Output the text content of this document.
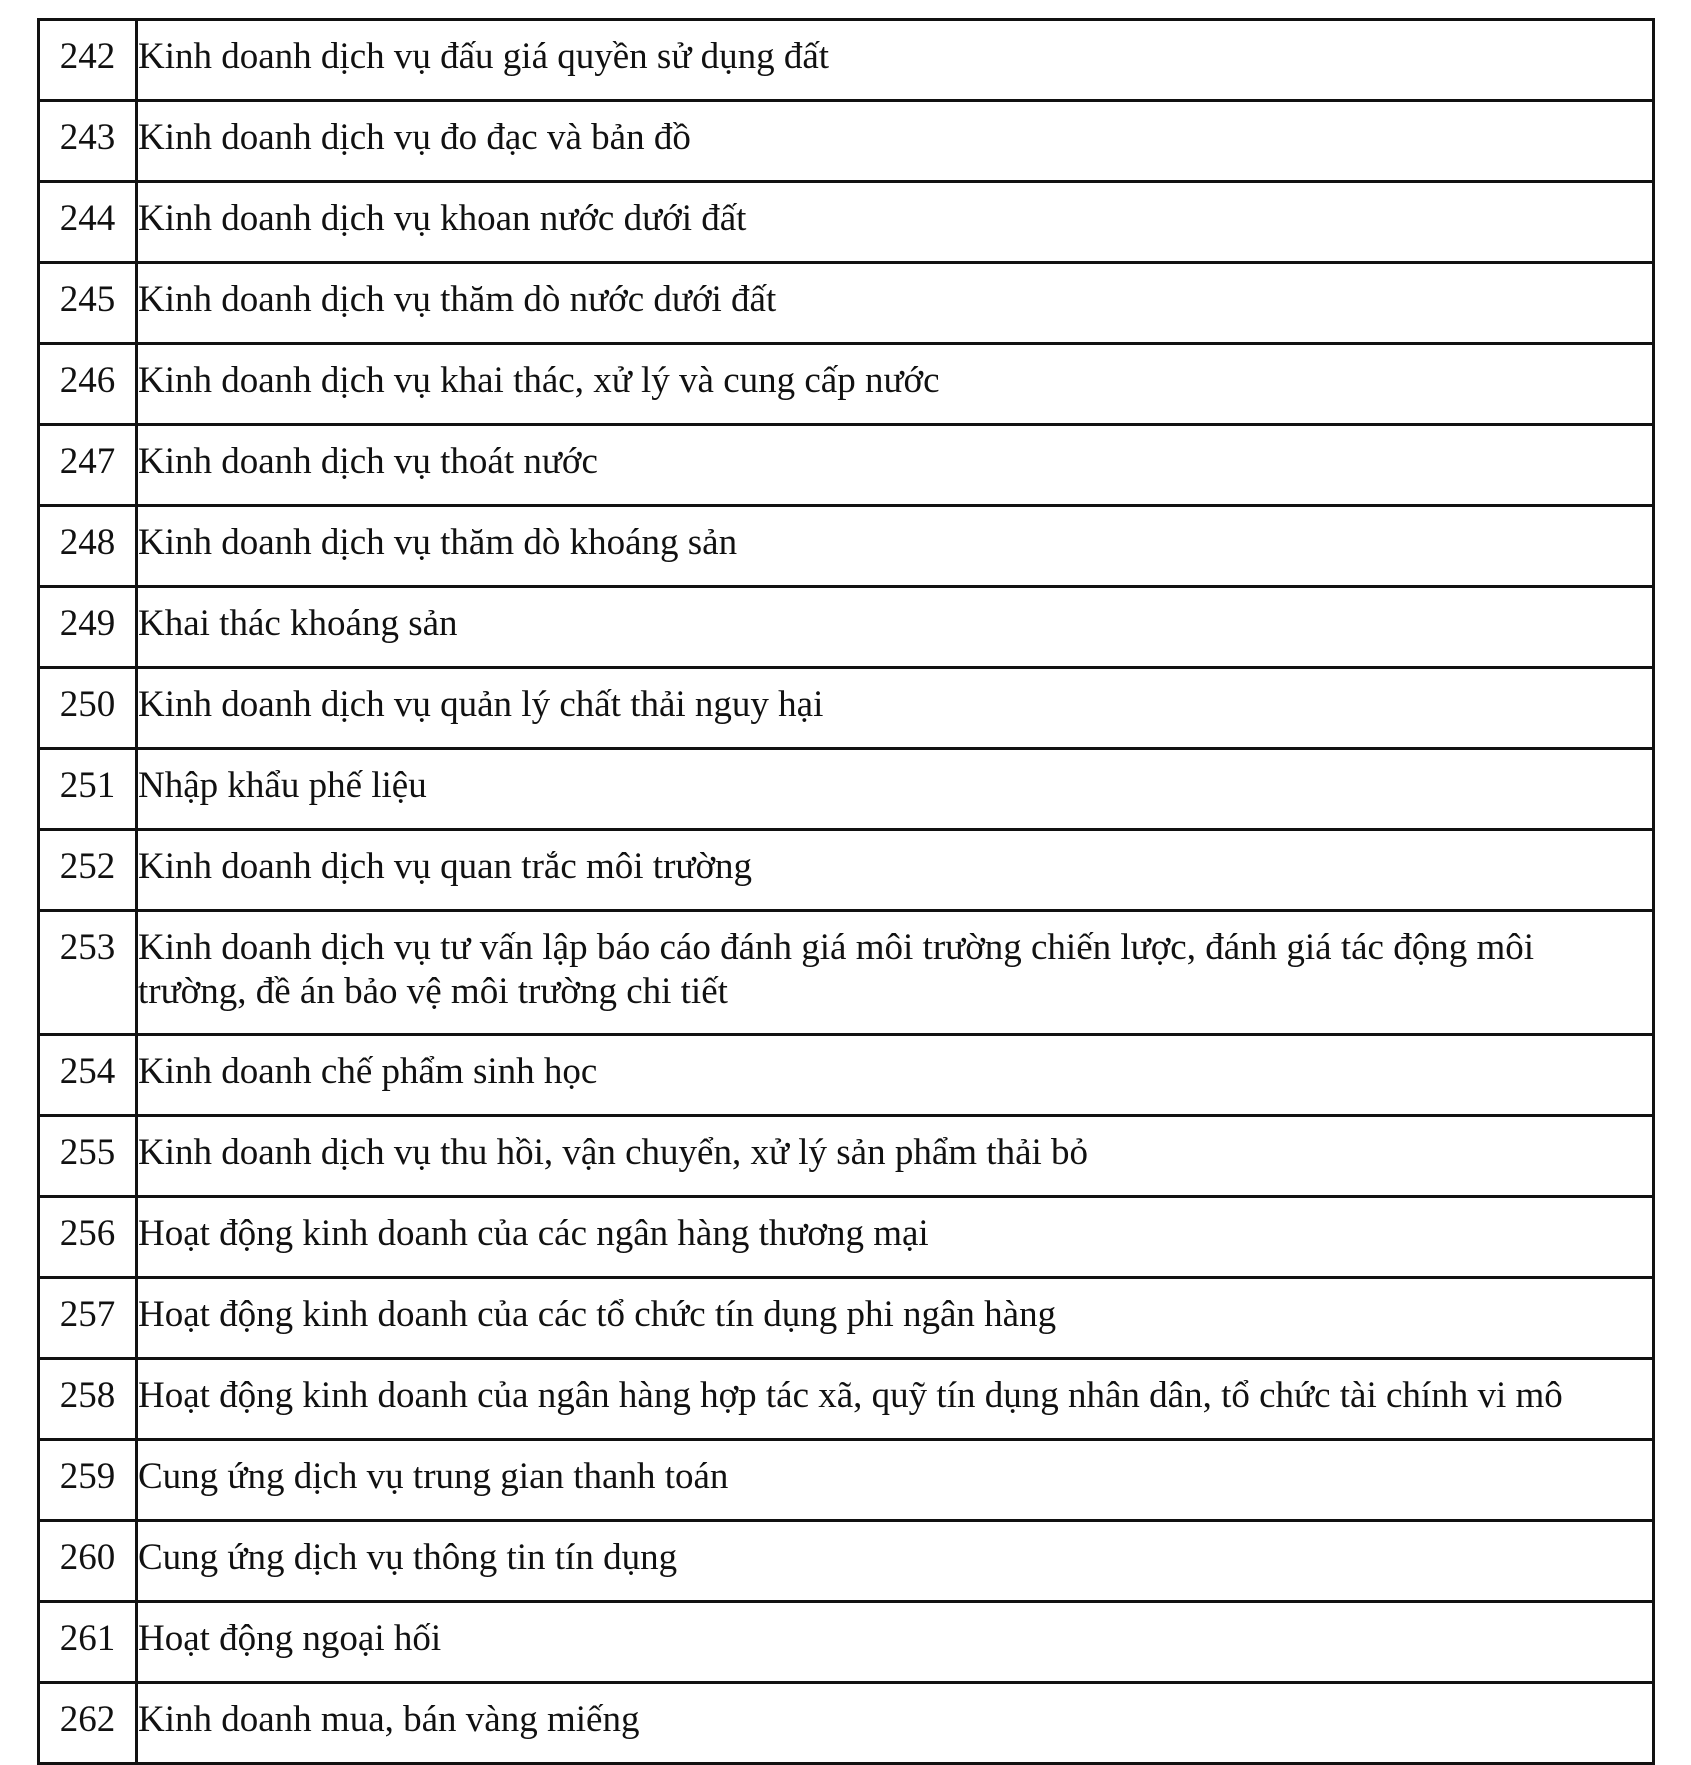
242	Kinh doanh dịch vụ đấu giá quyền sử dụng đất
243	Kinh doanh dịch vụ đo đạc và bản đồ
244	Kinh doanh dịch vụ khoan nước dưới đất
245	Kinh doanh dịch vụ thăm dò nước dưới đất
246	Kinh doanh dịch vụ khai thác, xử lý và cung cấp nước
247	Kinh doanh dịch vụ thoát nước
248	Kinh doanh dịch vụ thăm dò khoáng sản
249	Khai thác khoáng sản
250	Kinh doanh dịch vụ quản lý chất thải nguy hại
251	Nhập khẩu phế liệu
252	Kinh doanh dịch vụ quan trắc môi trường
253	Kinh doanh dịch vụ tư vấn lập báo cáo đánh giá môi trường chiến lược, đánh giá tác động môi trường, đề án bảo vệ môi trường chi tiết
254	Kinh doanh chế phẩm sinh học
255	Kinh doanh dịch vụ thu hồi, vận chuyển, xử lý sản phẩm thải bỏ
256	Hoạt động kinh doanh của các ngân hàng thương mại
257	Hoạt động kinh doanh của các tổ chức tín dụng phi ngân hàng
258	Hoạt động kinh doanh của ngân hàng hợp tác xã, quỹ tín dụng nhân dân, tổ chức tài chính vi mô
259	Cung ứng dịch vụ trung gian thanh toán
260	Cung ứng dịch vụ thông tin tín dụng
261	Hoạt động ngoại hối
262	Kinh doanh mua, bán vàng miếng
